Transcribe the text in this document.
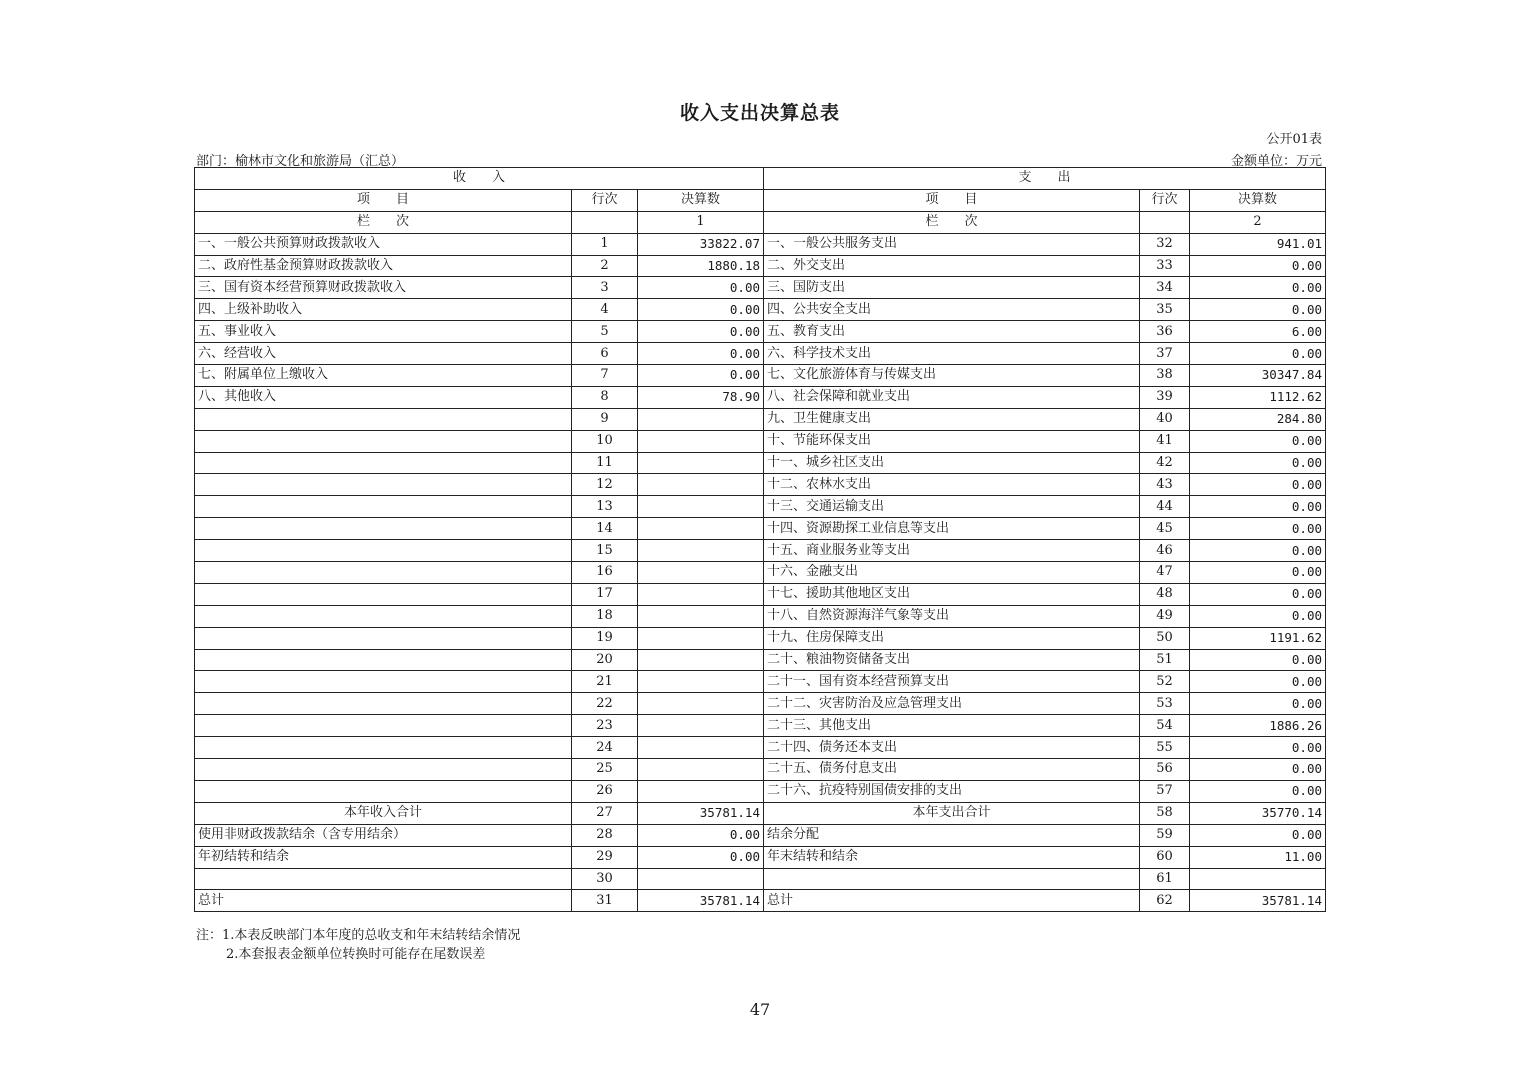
收入支出决算总表
公开01表
部门：榆林市文化和旅游局（汇总）	金额单位：万元
收　　入			支　　出		
项　　目	行次	决算数	项　　目	行次	决算数
栏　　次		1	栏　　次		2
一、一般公共预算财政拨款收入	1	33822.07	一、一般公共服务支出	32	941.01
二、政府性基金预算财政拨款收入	2	1880.18	二、外交支出	33	0.00
三、国有资本经营预算财政拨款收入	3	0.00	三、国防支出	34	0.00
四、上级补助收入	4	0.00	四、公共安全支出	35	0.00
五、事业收入	5	0.00	五、教育支出	36	6.00
六、经营收入	6	0.00	六、科学技术支出	37	0.00
七、附属单位上缴收入	7	0.00	七、文化旅游体育与传媒支出	38	30347.84
八、其他收入	8	78.90	八、社会保障和就业支出	39	1112.62
	9		九、卫生健康支出	40	284.80
	10		十、节能环保支出	41	0.00
	11		十一、城乡社区支出	42	0.00
	12		十二、农林水支出	43	0.00
	13		十三、交通运输支出	44	0.00
	14		十四、资源勘探工业信息等支出	45	0.00
	15		十五、商业服务业等支出	46	0.00
	16		十六、金融支出	47	0.00
	17		十七、援助其他地区支出	48	0.00
	18		十八、自然资源海洋气象等支出	49	0.00
	19		十九、住房保障支出	50	1191.62
	20		二十、粮油物资储备支出	51	0.00
	21		二十一、国有资本经营预算支出	52	0.00
	22		二十二、灾害防治及应急管理支出	53	0.00
	23		二十三、其他支出	54	1886.26
	24		二十四、债务还本支出	55	0.00
	25		二十五、债务付息支出	56	0.00
	26		二十六、抗疫特别国债安排的支出	57	0.00
本年收入合计	27	35781.14	本年支出合计	58	35770.14
使用非财政拨款结余（含专用结余）	28	0.00	结余分配	59	0.00
年初结转和结余	29	0.00	年末结转和结余	60	11.00
	30			61	
总计	31	35781.14	总计	62	35781.14
注：1.本表反映部门本年度的总收支和年末结转结余情况
2.本套报表金额单位转换时可能存在尾数误差
47
